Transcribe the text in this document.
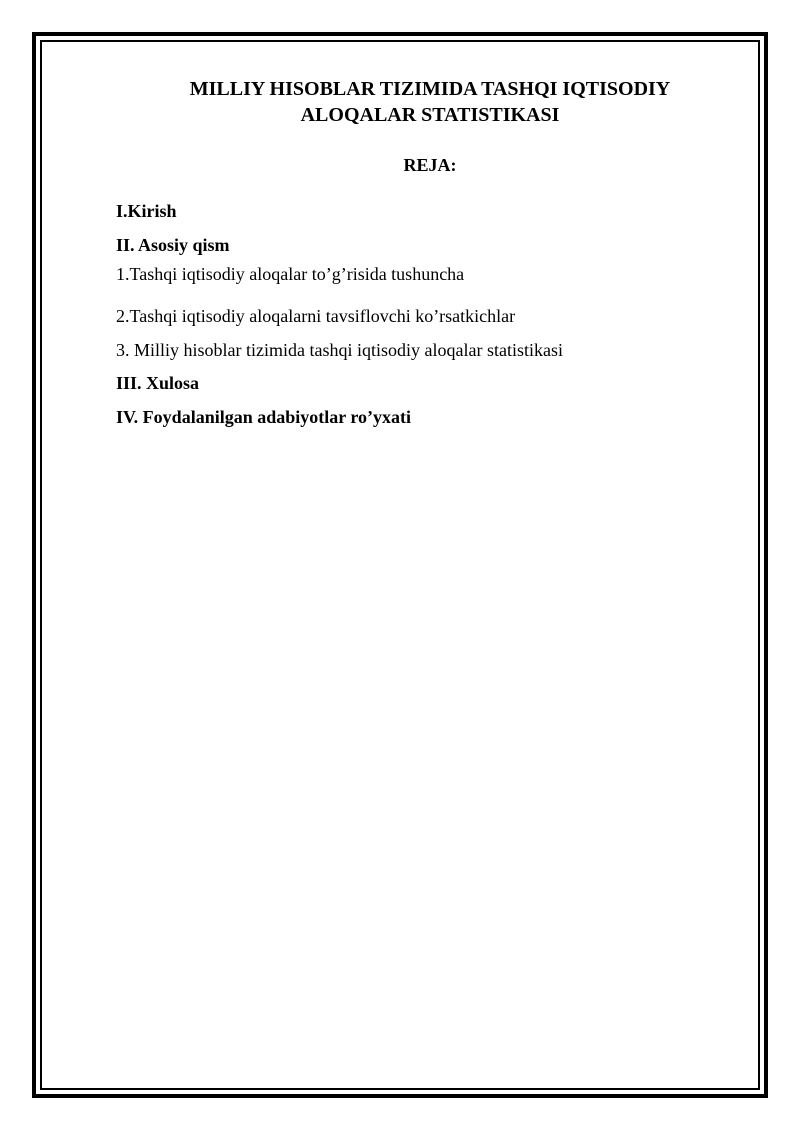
MILLIY HISOBLAR TIZIMIDA TASHQI IQTISODIY
ALOQALAR STATISTIKASI

REJA:

I.Kirish

II. Asosiy qism

1.Tashqi iqtisodiy aloqalar to’g’risida tushuncha

2.Tashqi iqtisodiy aloqalarni tavsiflovchi ko’rsatkichlar

3. Milliy hisoblar tizimida tashqi iqtisodiy aloqalar statistikasi

III. Xulosa

IV. Foydalanilgan adabiyotlar ro’yxati
